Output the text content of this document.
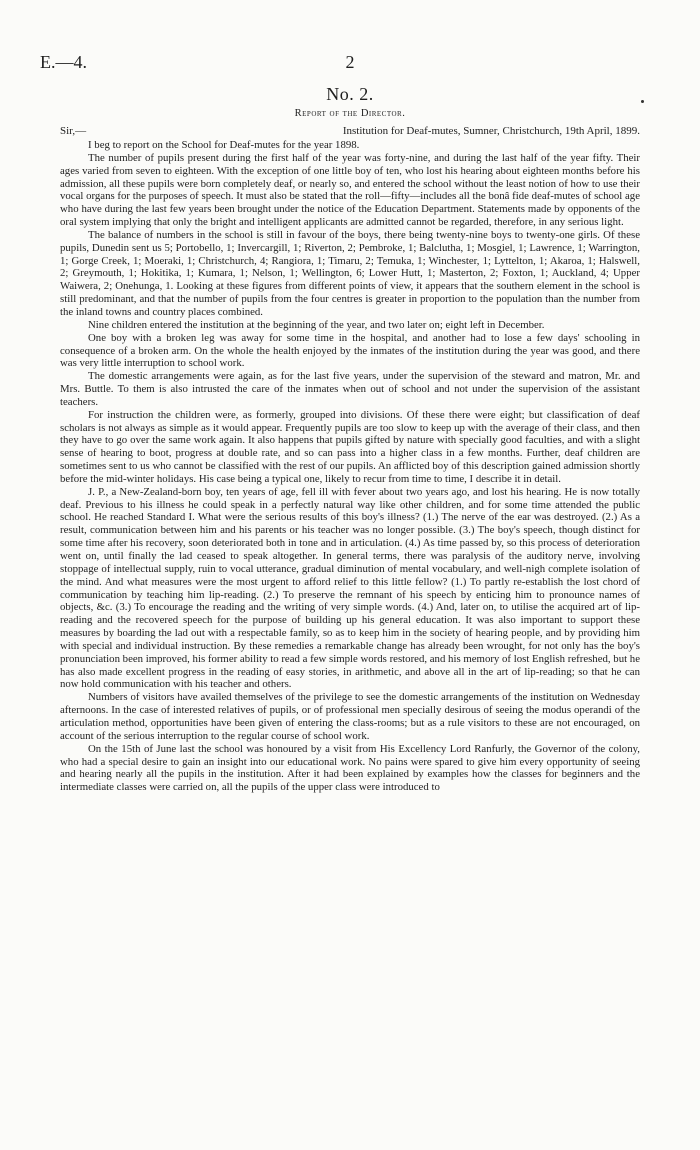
E.—4.	2
No. 2.
Report of the Director.
Sir,—	Institution for Deaf-mutes, Sumner, Christchurch, 19th April, 1899.

I beg to report on the School for Deaf-mutes for the year 1898.

The number of pupils present during the first half of the year was forty-nine, and during the last half of the year fifty. Their ages varied from seven to eighteen. With the exception of one little boy of ten, who lost his hearing about eighteen months before his admission, all these pupils were born completely deaf, or nearly so, and entered the school without the least notion of how to use their vocal organs for the purposes of speech. It must also be stated that the roll—fifty—includes all the bonâ fide deaf-mutes of school age who have during the last few years been brought under the notice of the Education Department. Statements made by opponents of the oral system implying that only the bright and intelligent applicants are admitted cannot be regarded, therefore, in any serious light.

The balance of numbers in the school is still in favour of the boys, there being twenty-nine boys to twenty-one girls. Of these pupils, Dunedin sent us 5; Portobello, 1; Invercargill, 1; Riverton, 2; Pembroke, 1; Balclutha, 1; Mosgiel, 1; Lawrence, 1; Warrington, 1; Gorge Creek, 1; Moeraki, 1; Christchurch, 4; Rangiora, 1; Timaru, 2; Temuka, 1; Winchester, 1; Lyttelton, 1; Akaroa, 1; Halswell, 2; Greymouth, 1; Hokitika, 1; Kumara, 1; Nelson, 1; Wellington, 6; Lower Hutt, 1; Masterton, 2; Foxton, 1; Auckland, 4; Upper Waiwera, 2; Onehunga, 1. Looking at these figures from different points of view, it appears that the southern element in the school is still predominant, and that the number of pupils from the four centres is greater in proportion to the population than the number from the inland towns and country places combined.

Nine children entered the institution at the beginning of the year, and two later on; eight left in December.

One boy with a broken leg was away for some time in the hospital, and another had to lose a few days' schooling in consequence of a broken arm. On the whole the health enjoyed by the inmates of the institution during the year was good, and there was very little interruption to school work.

The domestic arrangements were again, as for the last five years, under the supervision of the steward and matron, Mr. and Mrs. Buttle. To them is also intrusted the care of the inmates when out of school and not under the supervision of the assistant teachers.

For instruction the children were, as formerly, grouped into divisions. Of these there were eight; but classification of deaf scholars is not always as simple as it would appear. Frequently pupils are too slow to keep up with the average of their class, and then they have to go over the same work again. It also happens that pupils gifted by nature with specially good faculties, and with a slight sense of hearing to boot, progress at double rate, and so can pass into a higher class in a few months. Further, deaf children are sometimes sent to us who cannot be classified with the rest of our pupils. An afflicted boy of this description gained admission shortly before the mid-winter holidays. His case being a typical one, likely to recur from time to time, I describe it in detail.

J. P., a New-Zealand-born boy, ten years of age, fell ill with fever about two years ago, and lost his hearing. He is now totally deaf. Previous to his illness he could speak in a perfectly natural way like other children, and for some time attended the public school. He reached Standard I. What were the serious results of this boy's illness? (1.) The nerve of the ear was destroyed. (2.) As a result, communication between him and his parents or his teacher was no longer possible. (3.) The boy's speech, though distinct for some time after his recovery, soon deteriorated both in tone and in articulation. (4.) As time passed by, so this process of deterioration went on, until finally the lad ceased to speak altogether. In general terms, there was paralysis of the auditory nerve, involving stoppage of intellectual supply, ruin to vocal utterance, gradual diminution of mental vocabulary, and well-nigh complete isolation of the mind. And what measures were the most urgent to afford relief to this little fellow? (1.) To partly re-establish the lost chord of communication by teaching him lip-reading. (2.) To preserve the remnant of his speech by enticing him to pronounce names of objects, &c. (3.) To encourage the reading and the writing of very simple words. (4.) And, later on, to utilise the acquired art of lip-reading and the recovered speech for the purpose of building up his general education. It was also important to support these measures by boarding the lad out with a respectable family, so as to keep him in the society of hearing people, and by providing him with special and individual instruction. By these remedies a remarkable change has already been wrought, for not only has the boy's pronunciation been improved, his former ability to read a few simple words restored, and his memory of lost English refreshed, but he has also made excellent progress in the reading of easy stories, in arithmetic, and above all in the art of lip-reading; so that he can now hold communication with his teacher and others.

Numbers of visitors have availed themselves of the privilege to see the domestic arrangements of the institution on Wednesday afternoons. In the case of interested relatives of pupils, or of professional men specially desirous of seeing the modus operandi of the articulation method, opportunities have been given of entering the class-rooms; but as a rule visitors to these are not encouraged, on account of the serious interruption to the regular course of school work.

On the 15th of June last the school was honoured by a visit from His Excellency Lord Ranfurly, the Governor of the colony, who had a special desire to gain an insight into our educational work. No pains were spared to give him every opportunity of seeing and hearing nearly all the pupils in the institution. After it had been explained by examples how the classes for beginners and the intermediate classes were carried on, all the pupils of the upper class were introduced to
